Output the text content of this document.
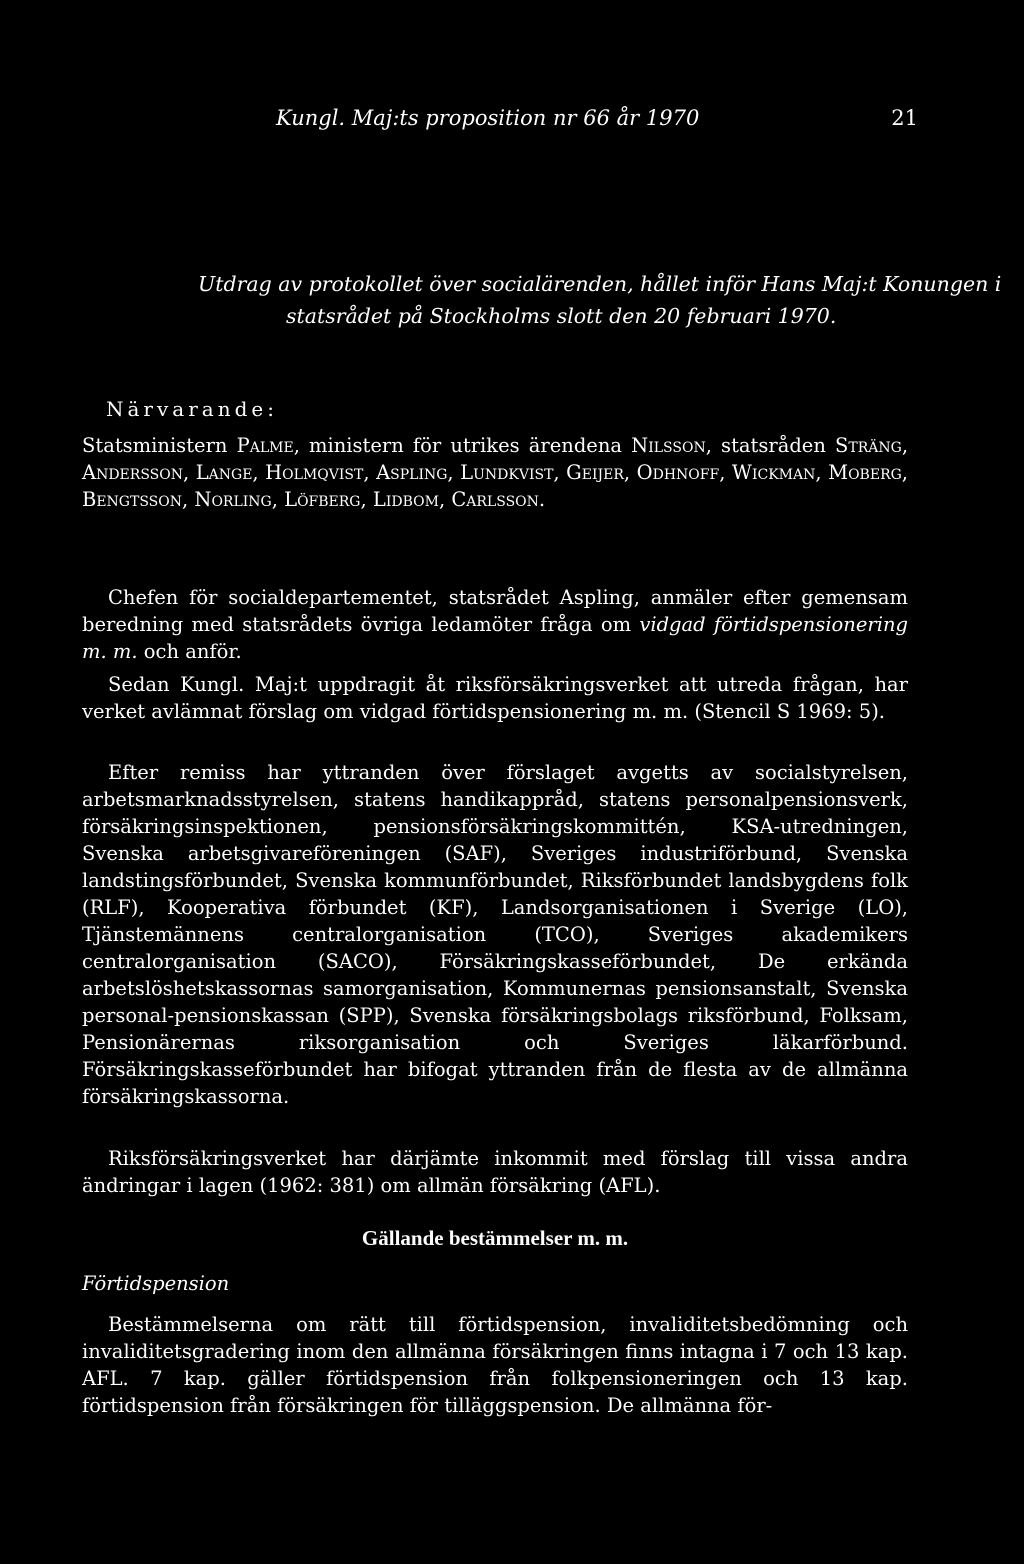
Kungl. Maj:ts proposition nr 66 år 1970	21
Utdrag av protokollet över socialärenden, hållet inför Hans Maj:t Konungen i statsrådet på Stockholms slott den 20 februari 1970.
Närvarande:
Statsministern Palme, ministern för utrikes ärendena Nilsson, statsråden Sträng, Andersson, Lange, Holmqvist, Aspling, Lundkvist, Geijer, Odhnoff, Wickman, Moberg, Bengtsson, Norling, Löfberg, Lidbom, Carlsson.
Chefen för socialdepartementet, statsrådet Aspling, anmäler efter gemensam beredning med statsrådets övriga ledamöter fråga om vidgad förtidspensionering m. m. och anför.
Sedan Kungl. Maj:t uppdragit åt riksförsäkringsverket att utreda frågan, har verket avlämnat förslag om vidgad förtidspensionering m. m. (Stencil S 1969: 5).
Efter remiss har yttranden över förslaget avgetts av socialstyrelsen, arbetsmarknadsstyrelsen, statens handikappråd, statens personalpensionsverk, försäkringsinspektionen, pensionsförsäkringskommittén, KSA-utredningen, Svenska arbetsgivareföreningen (SAF), Sveriges industriförbund, Svenska landstingsförbundet, Svenska kommunförbundet, Riksförbundet landsbygdens folk (RLF), Kooperativa förbundet (KF), Landsorganisationen i Sverige (LO), Tjänstemännens centralorganisation (TCO), Sveriges akademikers centralorganisation (SACO), Försäkringskasseförbundet, De erkända arbetslöshetskassornas samorganisation, Kommunernas pensionsanstalt, Svenska personal-pensionskassan (SPP), Svenska försäkringsbolags riksförbund, Folksam, Pensionärernas riksorganisation och Sveriges läkarförbund. Försäkringskasseförbundet har bifogat yttranden från de flesta av de allmänna försäkringskassorna.
Riksförsäkringsverket har därjämte inkommit med förslag till vissa andra ändringar i lagen (1962: 381) om allmän försäkring (AFL).
Gällande bestämmelser m. m.
Förtidspension
Bestämmelserna om rätt till förtidspension, invaliditetsbedömning och invaliditetsgradering inom den allmänna försäkringen finns intagna i 7 och 13 kap. AFL. 7 kap. gäller förtidspension från folkpensioneringen och 13 kap. förtidspension från försäkringen för tilläggspension. De allmänna för-
